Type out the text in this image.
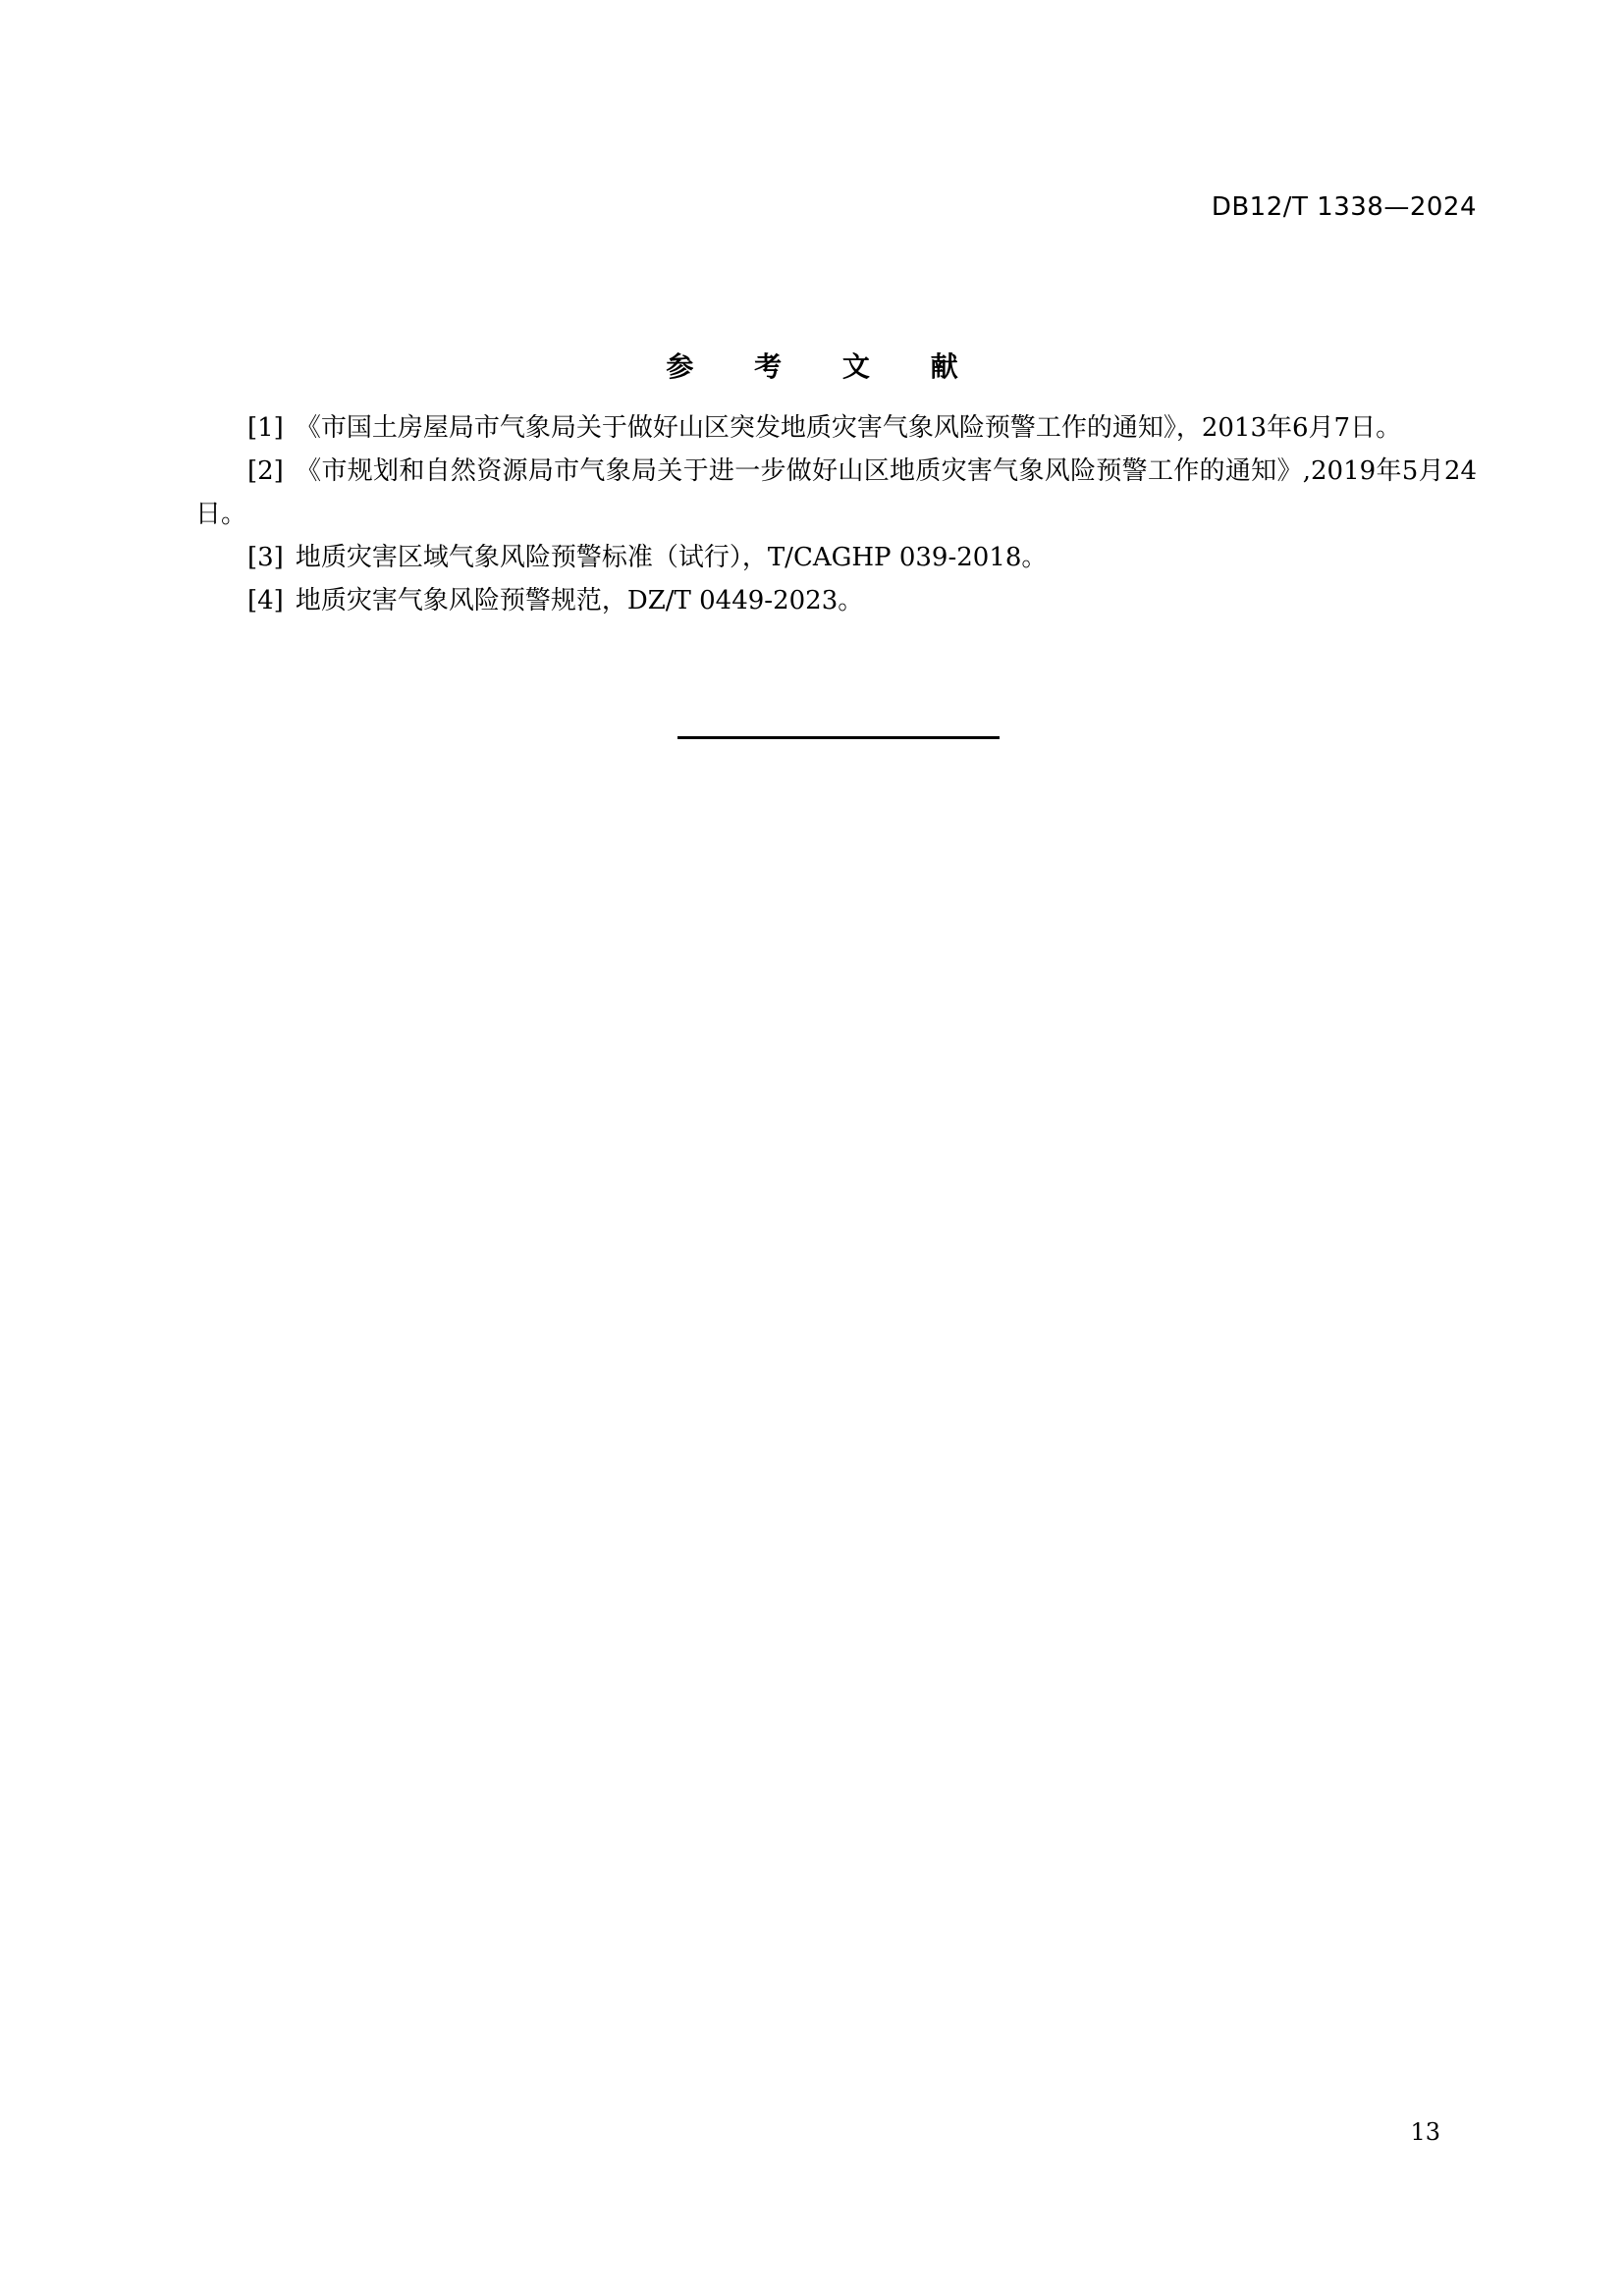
DB12/T 1338—2024
参 考 文 献

[1] 《市国土房屋局市气象局关于做好山区突发地质灾害气象风险预警工作的通知》，2013年6月7日。

[2] 《市规划和自然资源局市气象局关于进一步做好山区地质灾害气象风险预警工作的通知》,2019年5月24日。

[3] 地质灾害区域气象风险预警标准（试行），T/CAGHP 039-2018。

[4] 地质灾害气象风险预警规范，DZ/T 0449-2023。

13
